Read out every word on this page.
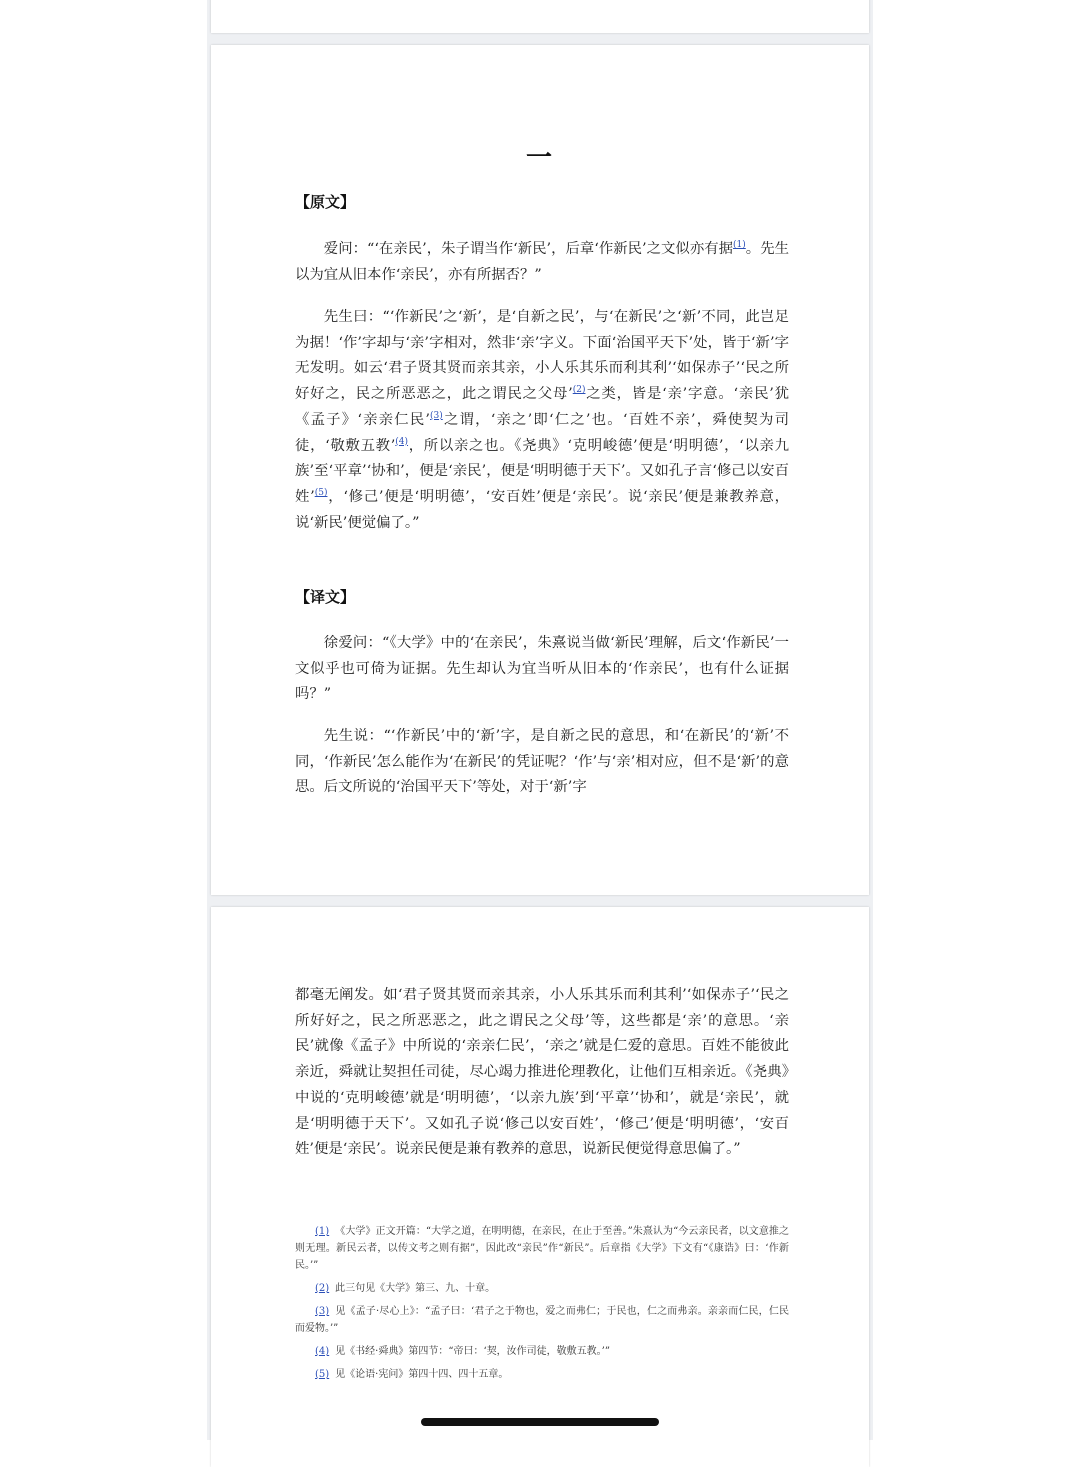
一

【原文】

爱问：“‘在亲民’，朱子谓当作‘新民’，后章‘作新民’之文似亦有据$^{(1)}$。先生以为宜从旧本作‘亲民’，亦有所据否？”

先生曰：“‘作新民’之‘新’，是‘自新之民’，与‘在新民’之‘新’不同，此岂足为据！‘作’字却与‘亲’字相对，然非‘亲’字义。下面‘治国平天下’处，皆于‘新’字无发明。如云‘君子贤其贤而亲其亲，小人乐其乐而利其利’‘如保赤子’‘民之所好好之，民之所恶恶之，此之谓民之父母’$^{(2)}$之类，皆是‘亲’字意。‘亲民’犹《孟子》‘亲亲仁民’$^{(3)}$之谓，‘亲之’即‘仁之’也。‘百姓不亲’，舜使契为司徒，‘敬敷五教’$^{(4)}$，所以亲之也。《尧典》‘克明峻德’便是‘明明德’，‘以亲九族’至‘平章’‘协和’，便是‘亲民’，便是‘明明德于天下’。又如孔子言‘修己以安百姓’$^{(5)}$，‘修己’便是‘明明德’，‘安百姓’便是‘亲民’。说‘亲民’便是兼教养意，说‘新民’便觉偏了。”

【译文】

徐爱问：“《大学》中的‘在亲民’，朱熹说当做‘新民’理解，后文‘作新民’一文似乎也可倚为证据。先生却认为宜当听从旧本的‘作亲民’，也有什么证据吗？”

先生说：“‘作新民’中的‘新’字，是自新之民的意思，和‘在新民’的‘新’不同，‘作新民’怎么能作为‘在新民’的凭证呢？‘作’与‘亲’相对应，但不是‘新’的意思。后文所说的‘治国平天下’等处，对于‘新’字

都毫无阐发。如‘君子贤其贤而亲其亲，小人乐其乐而利其利’‘如保赤子’‘民之所好好之，民之所恶恶之，此之谓民之父母’等，这些都是‘亲’的意思。‘亲民’就像《孟子》中所说的‘亲亲仁民’，‘亲之’就是仁爱的意思。百姓不能彼此亲近，舜就让契担任司徒，尽心竭力推进伦理教化，让他们互相亲近。《尧典》中说的‘克明峻德’就是‘明明德’，‘以亲九族’到‘平章’‘协和’，就是‘亲民’，就是‘明明德于天下’。又如孔子说‘修己以安百姓’，‘修己’便是‘明明德’，‘安百姓’便是‘亲民’。说亲民便是兼有教养的意思，说新民便觉得意思偏了。”

(1) 《大学》正文开篇：“大学之道，在明明德，在亲民，在止于至善。”朱熹认为“今云亲民者，以文意推之则无理。新民云者，以传文考之则有据”，因此改“亲民”作“新民”。后章指《大学》下文有“《康诰》曰：‘作新民。’”

(2) 此三句见《大学》第三、九、十章。

(3) 见《孟子·尽心上》：“孟子曰：‘君子之于物也，爱之而弗仁；于民也，仁之而弗亲。亲亲而仁民，仁民而爱物。’”

(4) 见《书经·舜典》第四节：“帝曰：‘契，汝作司徒，敬敷五教。’”

(5) 见《论语·宪问》第四十四、四十五章。
